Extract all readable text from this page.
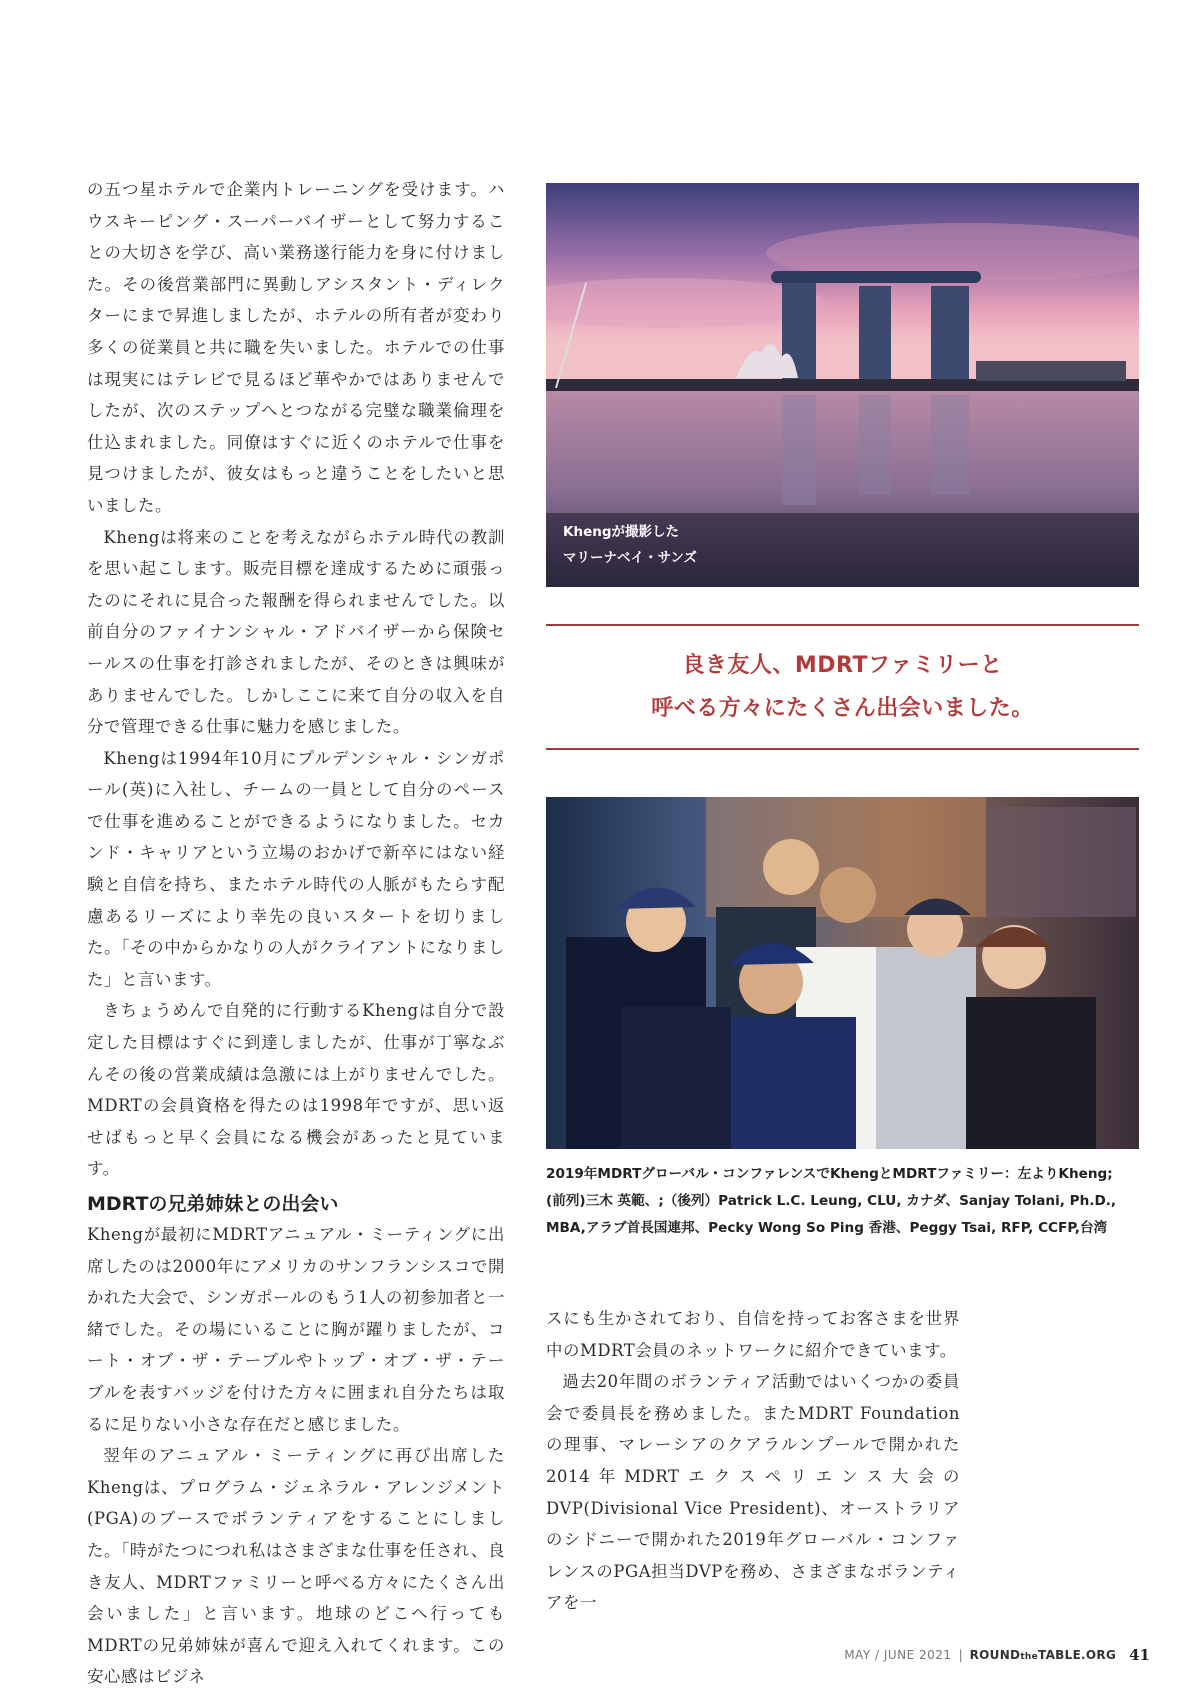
の五つ星ホテルで企業内トレーニングを受けます。ハウスキーピング・スーパーバイザーとして努力することの大切さを学び、高い業務遂行能力を身に付けました。その後営業部門に異動しアシスタント・ディレクターにまで昇進しましたが、ホテルの所有者が変わり多くの従業員と共に職を失いました。ホテルでの仕事は現実にはテレビで見るほど華やかではありませんでしたが、次のステップへとつながる完璧な職業倫理を仕込まれました。同僚はすぐに近くのホテルで仕事を見つけましたが、彼女はもっと違うことをしたいと思いました。

Khengは将来のことを考えながらホテル時代の教訓を思い起こします。販売目標を達成するために頑張ったのにそれに見合った報酬を得られませんでした。以前自分のファイナンシャル・アドバイザーから保険セールスの仕事を打診されましたが、そのときは興味がありませんでした。しかしここに来て自分の収入を自分で管理できる仕事に魅力を感じました。

Khengは1994年10月にプルデンシャル・シンガポール(英)に入社し、チームの一員として自分のペースで仕事を進めることができるようになりました。セカンド・キャリアという立場のおかげで新卒にはない経験と自信を持ち、またホテル時代の人脈がもたらす配慮あるリーズにより幸先の良いスタートを切りました。「その中からかなりの人がクライアントになりました」と言います。

きちょうめんで自発的に行動するKhengは自分で設定した目標はすぐに到達しましたが、仕事が丁寧なぶんその後の営業成績は急激には上がりませんでした。MDRTの会員資格を得たのは1998年ですが、思い返せばもっと早く会員になる機会があったと見ています。

MDRTの兄弟姉妹との出会い

Khengが最初にMDRTアニュアル・ミーティングに出席したのは2000年にアメリカのサンフランシスコで開かれた大会で、シンガポールのもう1人の初参加者と一緒でした。その場にいることに胸が躍りましたが、コート・オブ・ザ・テーブルやトップ・オブ・ザ・テーブルを表すバッジを付けた方々に囲まれ自分たちは取るに足りない小さな存在だと感じました。

翌年のアニュアル・ミーティングに再び出席したKhengは、プログラム・ジェネラル・アレンジメント(PGA)のブースでボランティアをすることにしました。「時がたつにつれ私はさまざまな仕事を任され、良き友人、MDRTファミリーと呼べる方々にたくさん出会いました」と言います。地球のどこへ行ってもMDRTの兄弟姉妹が喜んで迎え入れてくれます。この安心感はビジネ

Khengが撮影した
マリーナベイ・サンズ
良き友人、MDRTファミリーと
呼べる方々にたくさん出会いました。
2019年MDRTグローバル・コンファレンスでKhengとMDRTファミリー：左よりKheng;
(前列)三木 英範、;（後列）Patrick L.C. Leung, CLU, カナダ、Sanjay Tolani, Ph.D.,
MBA,アラブ首長国連邦、Pecky Wong So Ping 香港、Peggy Tsai, RFP, CCFP,台湾

スにも生かされており、自信を持ってお客さまを世界中のMDRT会員のネットワークに紹介できています。

過去20年間のボランティア活動ではいくつかの委員会で委員長を務めました。またMDRT Foundationの理事、マレーシアのクアラルンプールで開かれた2014年MDRTエクスペリエンス大会のDVP(Divisional Vice President)、オーストラリアのシドニーで開かれた2019年グローバル・コンファレンスのPGA担当DVPを務め、さまざまなボランティアを一

MAY / JUNE 2021 | ROUNDtheTABLE.ORG 41
